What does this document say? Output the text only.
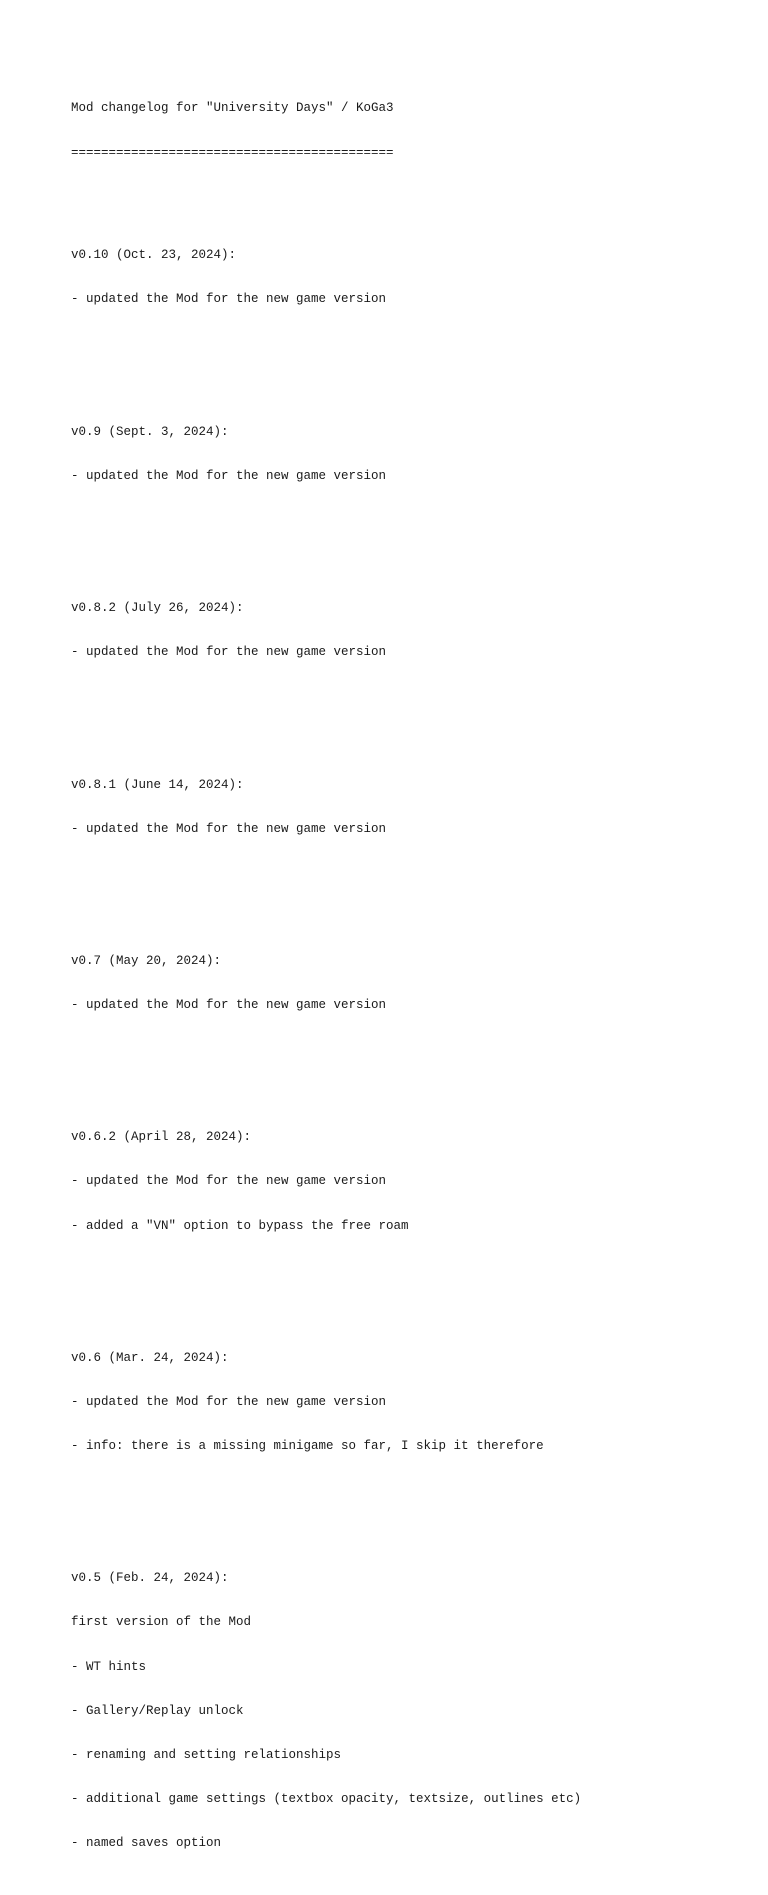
Mod changelog for "University Days" / KoGa3

===========================================

v0.10 (Oct. 23, 2024):

- updated the Mod for the new game version

v0.9 (Sept. 3, 2024):

- updated the Mod for the new game version

v0.8.2 (July 26, 2024):

- updated the Mod for the new game version

v0.8.1 (June 14, 2024):

- updated the Mod for the new game version

v0.7 (May 20, 2024):

- updated the Mod for the new game version

v0.6.2 (April 28, 2024):

- updated the Mod for the new game version

- added a "VN" option to bypass the free roam

v0.6 (Mar. 24, 2024):

- updated the Mod for the new game version

- info: there is a missing minigame so far, I skip it therefore

v0.5 (Feb. 24, 2024):

first version of the Mod

- WT hints

- Gallery/Replay unlock

- renaming and setting relationships

- additional game settings (textbox opacity, textsize, outlines etc)

- named saves option
